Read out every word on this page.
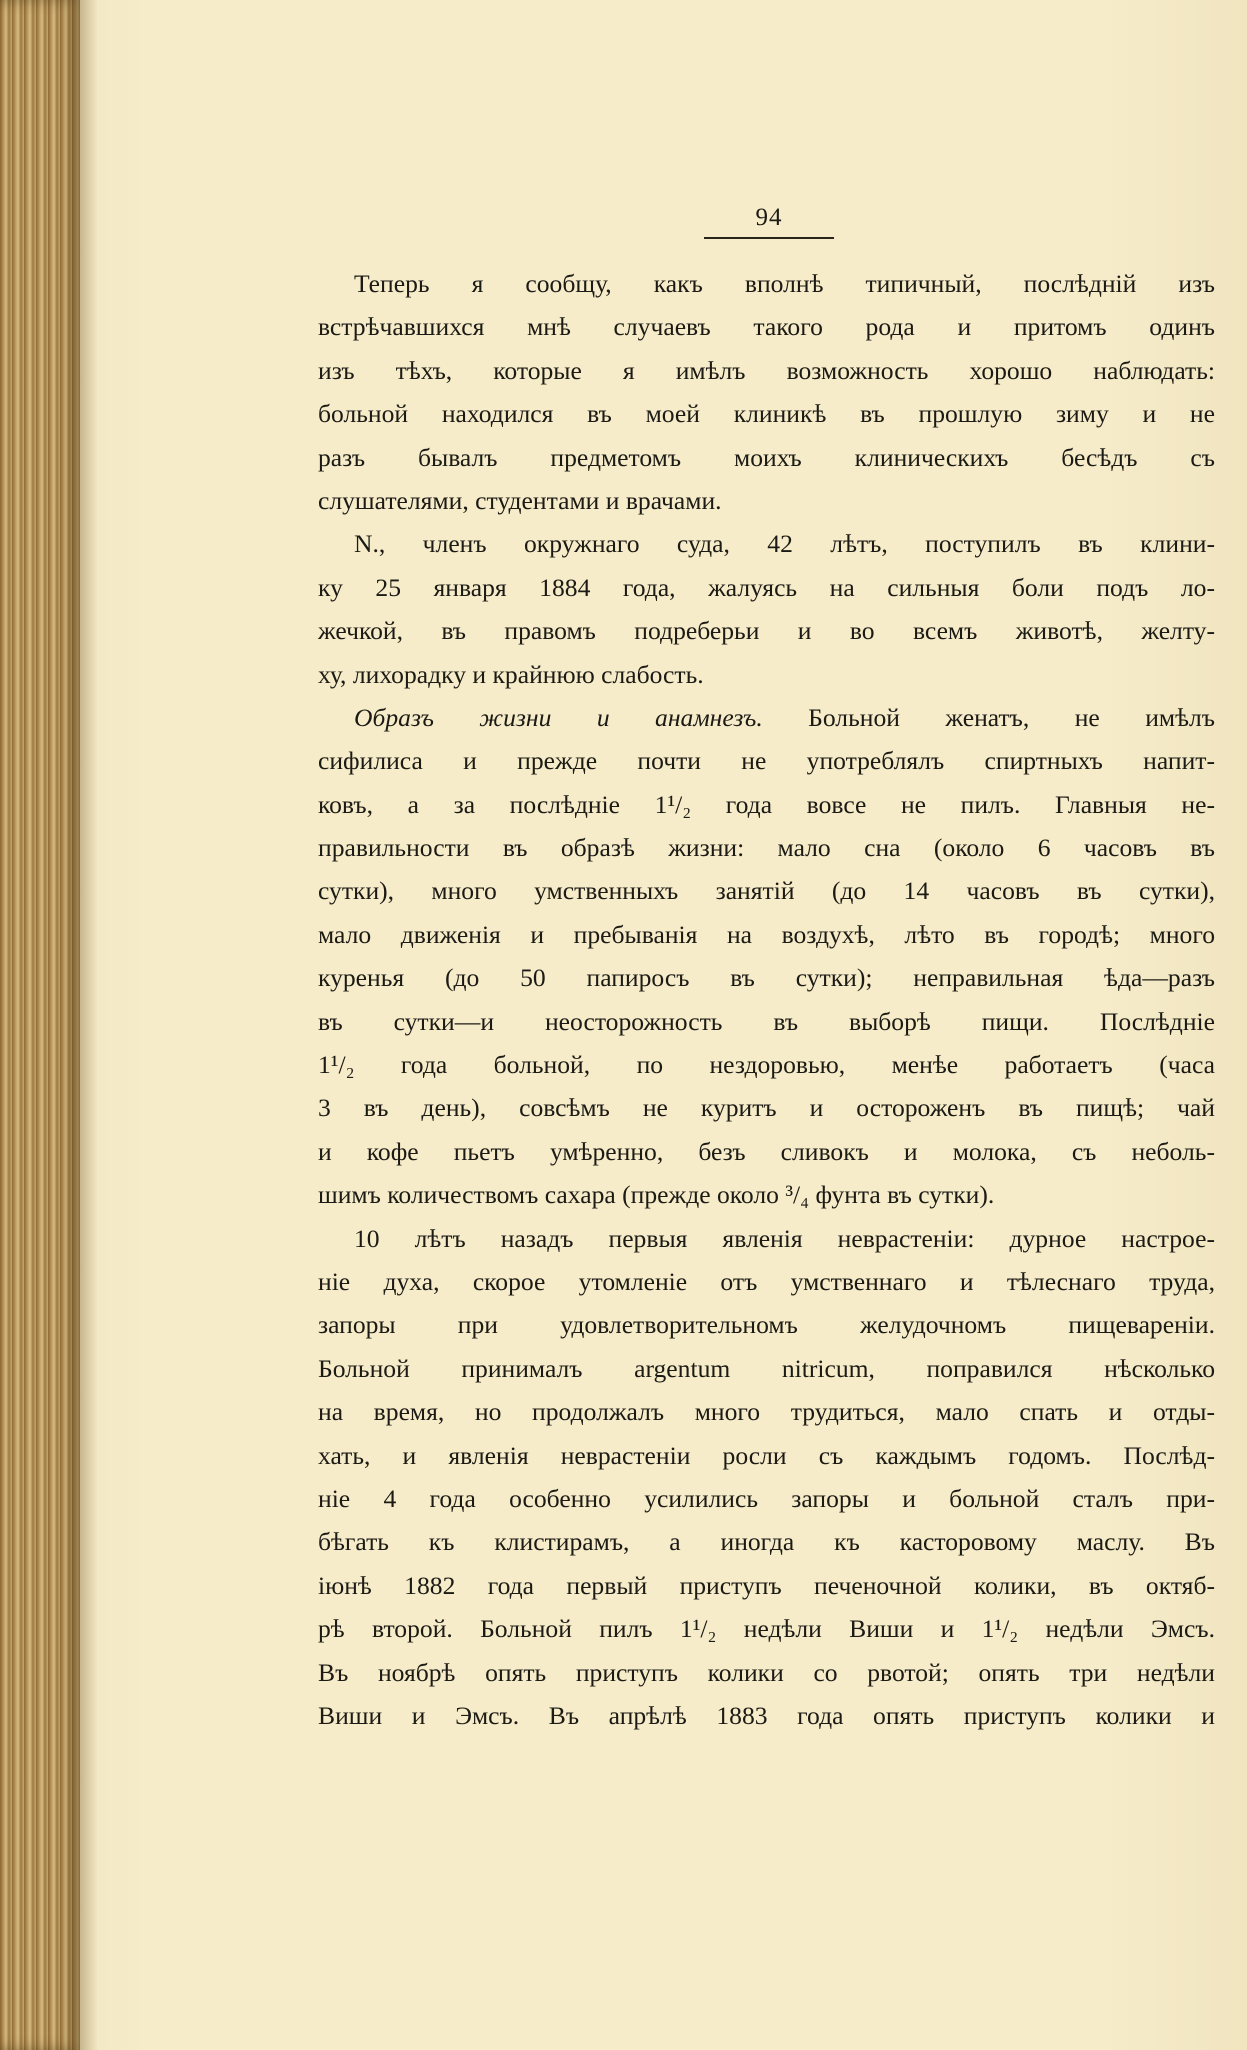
94
Теперь я сообщу, какъ вполнѣ типичный, послѣднiй изъ
встрѣчавшихся мнѣ случаевъ такого рода и притомъ одинъ
изъ тѣхъ, которые я имѣлъ возможность хорошо наблюдать:
больной находился въ моей клиникѣ въ прошлую зиму и не
разъ бывалъ предметомъ моихъ клиническихъ бесѣдъ съ
слушателями, студентами и врачами.
N., членъ окружнаго суда, 42 лѣтъ, поступилъ въ клини-
ку 25 января 1884 года, жалуясь на сильныя боли подъ ло-
жечкой, въ правомъ подреберьи и во всемъ животѣ, желту-
ху, лихорадку и крайнюю слабость.
Образъ жизни и анамнезъ. Больной женатъ, не имѣлъ
сифилиса и прежде почти не употреблялъ спиртныхъ напит-
ковъ, а за послѣднiе 1¹/₂ года вовсе не пилъ. Главныя не-
правильности въ образѣ жизни: мало сна (около 6 часовъ въ
сутки), много умственныхъ занятiй (до 14 часовъ въ сутки),
мало движенiя и пребыванiя на воздухѣ, лѣто въ городѣ; много
куренья (до 50 папиросъ въ сутки); неправильная ѣда—разъ
въ сутки—и неосторожность въ выборѣ пищи. Послѣднiе
1¹/₂ года больной, по нездоровью, менѣе работаетъ (часа
3 въ день), совсѣмъ не куритъ и остороженъ въ пищѣ; чай
и кофе пьетъ умѣренно, безъ сливокъ и молока, съ неболь-
шимъ количествомъ сахара (прежде около ³/₄ фунта въ сутки).
10 лѣтъ назадъ первыя явленiя неврастенiи: дурное настрое-
нiе духа, скорое утомленiе отъ умственнаго и тѣлеснаго труда,
запоры при удовлетворительномъ желудочномъ пищеваренiи.
Больной принималъ argentum nitricum, поправился нѣсколько
на время, но продолжалъ много трудиться, мало спать и отды-
хать, и явленiя неврастенiи росли съ каждымъ годомъ. Послѣд-
нiе 4 года особенно усилились запоры и больной сталъ при-
бѣгать къ клистирамъ, а иногда къ касторовому маслу. Въ
iюнѣ 1882 года первый приступъ печеночной колики, въ октяб-
рѣ второй. Больной пилъ 1¹/₂ недѣли Виши и 1¹/₂ недѣли Эмсъ.
Въ ноябрѣ опять приступъ колики со рвотой; опять три недѣли
Виши и Эмсъ. Въ апрѣлѣ 1883 года опять приступъ колики и
